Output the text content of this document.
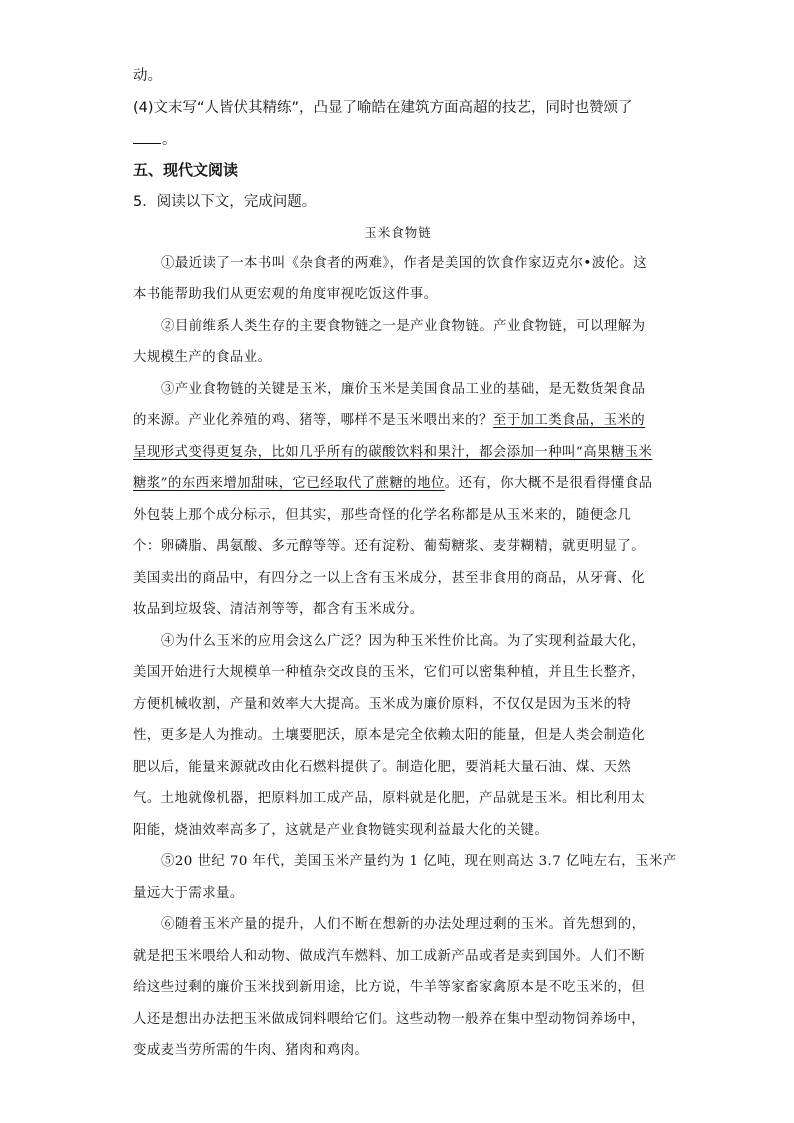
动。
(4)文末写“人皆伏其精练”，凸显了喻皓在建筑方面高超的技艺，同时也赞颂了
。
五、现代文阅读
5．阅读以下文，完成问题。
玉米食物链
①最近读了一本书叫《杂食者的两难》，作者是美国的饮食作家迈克尔•波伦。这
本书能帮助我们从更宏观的角度审视吃饭这件事。
②目前维系人类生存的主要食物链之一是产业食物链。产业食物链，可以理解为
大规模生产的食品业。
③产业食物链的关键是玉米，廉价玉米是美国食品工业的基础，是无数货架食品
的来源。产业化养殖的鸡、猪等，哪样不是玉米喂出来的？至于加工类食品，玉米的
呈现形式变得更复杂，比如几乎所有的碳酸饮料和果汁，都会添加一种叫“高果糖玉米
糖浆”的东西来增加甜味，它已经取代了蔗糖的地位。还有，你大概不是很看得懂食品
外包装上那个成分标示，但其实，那些奇怪的化学名称都是从玉米来的，随便念几
个：卵磷脂、禺氨酸、多元醇等等。还有淀粉、葡萄糖浆、麦芽糊精，就更明显了。
美国卖出的商品中，有四分之一以上含有玉米成分，甚至非食用的商品，从牙膏、化
妆品到垃圾袋、清洁剂等等，都含有玉米成分。
④为什么玉米的应用会这么广泛？因为种玉米性价比高。为了实现利益最大化，
美国开始进行大规模单一种植杂交改良的玉米，它们可以密集种植，并且生长整齐，
方便机械收割，产量和效率大大提高。玉米成为廉价原料，不仅仅是因为玉米的特
性，更多是人为推动。土壤要肥沃，原本是完全依赖太阳的能量，但是人类会制造化
肥以后，能量来源就改由化石燃料提供了。制造化肥，要消耗大量石油、煤、天然
气。土地就像机器，把原料加工成产品，原料就是化肥，产品就是玉米。相比利用太
阳能，烧油效率高多了，这就是产业食物链实现利益最大化的关键。
⑤20 世纪 70 年代，美国玉米产量约为 1 亿吨，现在则高达 3.7 亿吨左右，玉米产
量远大于需求量。
⑥随着玉米产量的提升，人们不断在想新的办法处理过剩的玉米。首先想到的，
就是把玉米喂给人和动物、做成汽车燃料、加工成新产品或者是卖到国外。人们不断
给这些过剩的廉价玉米找到新用途，比方说，牛羊等家畜家禽原本是不吃玉米的，但
人还是想出办法把玉米做成饲料喂给它们。这些动物一般养在集中型动物饲养场中，
变成麦当劳所需的牛肉、猪肉和鸡肉。
